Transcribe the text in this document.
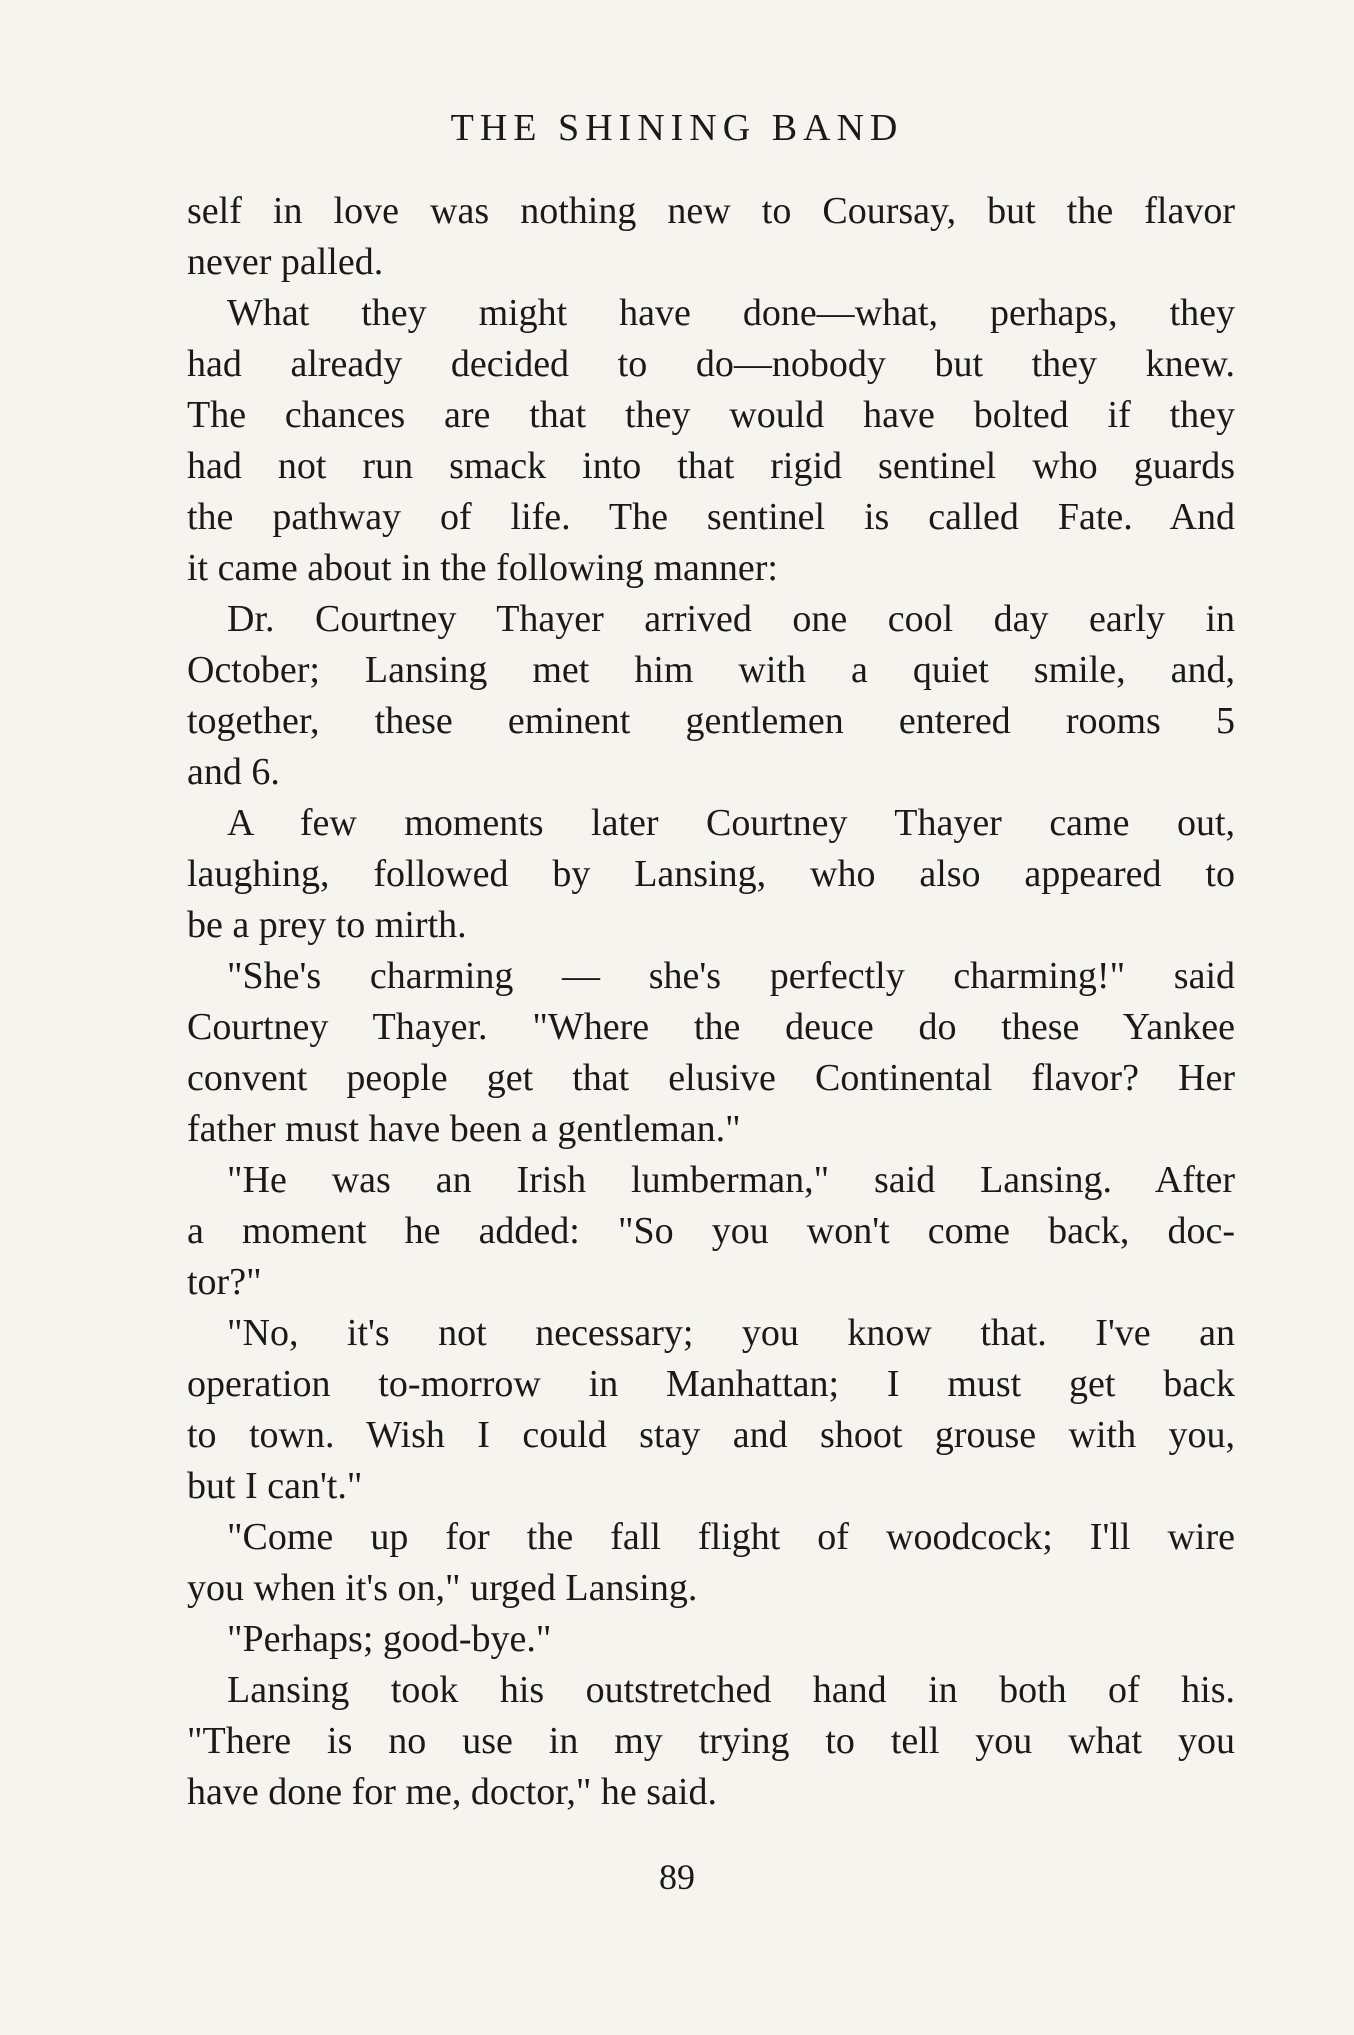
THE SHINING BAND

self in love was nothing new to Coursay, but the flavor
never palled.

What they might have done—what, perhaps, they
had already decided to do—nobody but they knew.
The chances are that they would have bolted if they
had not run smack into that rigid sentinel who guards
the pathway of life. The sentinel is called Fate. And
it came about in the following manner:

Dr. Courtney Thayer arrived one cool day early in
October; Lansing met him with a quiet smile, and,
together, these eminent gentlemen entered rooms 5
and 6.

A few moments later Courtney Thayer came out,
laughing, followed by Lansing, who also appeared to
be a prey to mirth.

"She's charming — she's perfectly charming!" said
Courtney Thayer. "Where the deuce do these Yankee
convent people get that elusive Continental flavor? Her
father must have been a gentleman."

"He was an Irish lumberman," said Lansing. After
a moment he added: "So you won't come back, doc-
tor?"

"No, it's not necessary; you know that. I've an
operation to-morrow in Manhattan; I must get back
to town. Wish I could stay and shoot grouse with you,
but I can't."

"Come up for the fall flight of woodcock; I'll wire
you when it's on," urged Lansing.

"Perhaps; good-bye."

Lansing took his outstretched hand in both of his.
"There is no use in my trying to tell you what you
have done for me, doctor," he said.

89
